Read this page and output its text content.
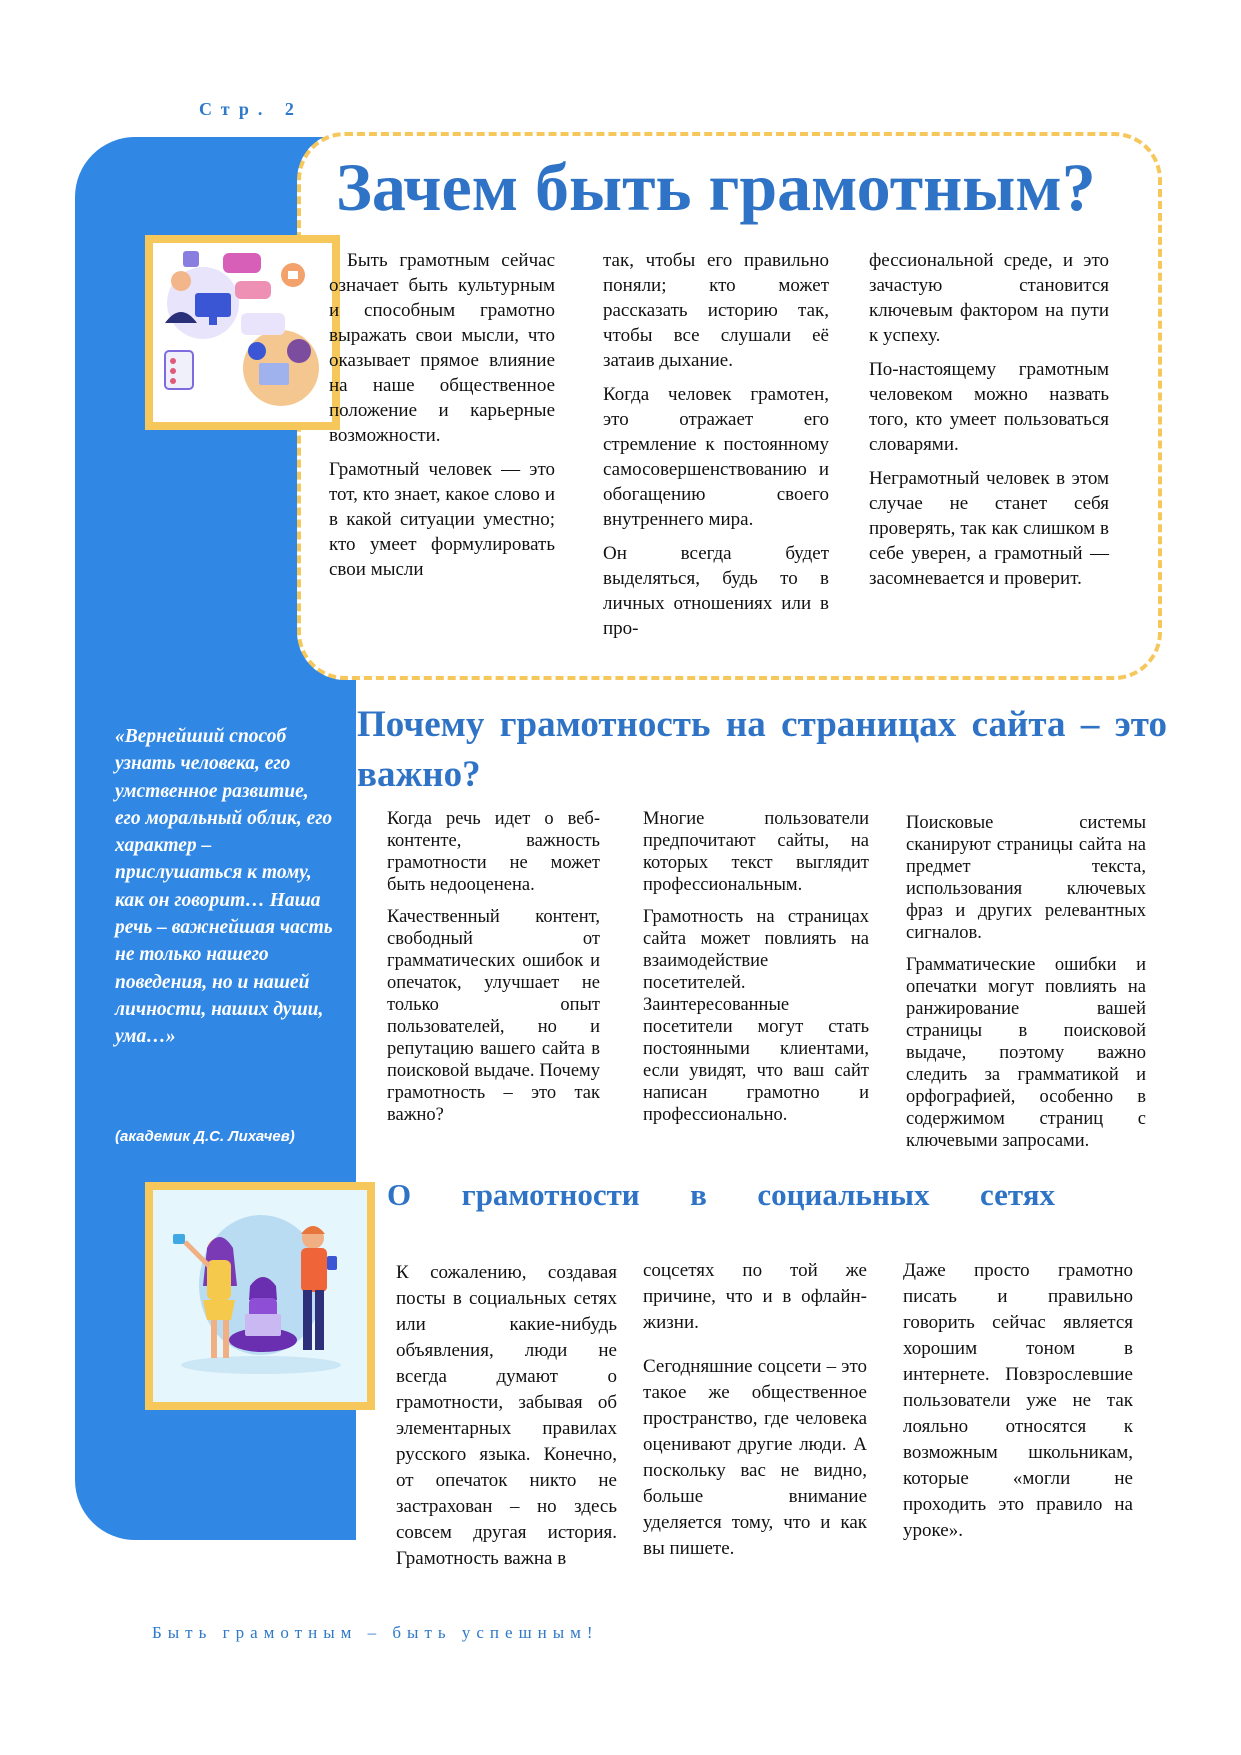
Стр. 2
Зачем быть грамотным?

Быть грамотным сейчас означает быть культурным и способным грамотно выражать свои мысли, что оказывает прямое влияние на наше общественное положение и карьерные возможности.

Грамотный человек — это тот, кто знает, какое слово и в какой ситуации уместно; кто умеет формулировать свои мысли

так, чтобы его правильно поняли; кто может рассказать историю так, чтобы все слушали её затаив дыхание.

Когда человек грамотен, это отражает его стремление к постоянному самосовершенствованию и обогащению своего внутреннего мира.

Он всегда будет выделяться, будь то в личных отношениях или в про-

фессиональной среде, и это зачастую становится ключевым фактором на пути к успеху.

По-настоящему грамотным человеком можно назвать того, кто умеет пользоваться словарями.

Неграмотный человек в этом случае не станет себя проверять, так как слишком в себе уверен, а грамотный — засомневается и проверит.

«Вернейший способ узнать человека, его умственное развитие, его моральный облик, его характер – прислушаться к тому, как он говорит… Наша речь – важнейшая часть не только нашего поведения, но и нашей личности, наших души, ума…»
(академик Д.С. Лихачев)
Почему грамотность на страницах сайта – это важно?

Когда речь идет о веб-контенте, важность грамотности не может быть недооценена.

Качественный контент, свободный от грамматических ошибок и опечаток, улучшает не только опыт пользователей, но и репутацию вашего сайта в поисковой выдаче. Почему грамотность – это так важно?

Многие пользователи предпочитают сайты, на которых текст выглядит профессиональным.

Грамотность на страницах сайта может повлиять на взаимодействие посетителей. Заинтересованные посетители могут стать постоянными клиентами, если увидят, что ваш сайт написан грамотно и профессионально.

Поисковые системы сканируют страницы сайта на предмет текста, использования ключевых фраз и других релевантных сигналов.

Грамматические ошибки и опечатки могут повлиять на ранжирование вашей страницы в поисковой выдаче, поэтому важно следить за грамматикой и орфографией, особенно в содержимом страниц с ключевыми запросами.

О грамотности в социальных сетях

К сожалению, создавая посты в социальных сетях или какие-нибудь объявления, люди не всегда думают о грамотности, забывая об элементарных правилах русского языка. Конечно, от опечаток никто не застрахован – но здесь совсем другая история. Грамотность важна в

соцсетях по той же причине, что и в офлайн-жизни.

Сегодняшние соцсети – это такое же общественное пространство, где человека оценивают другие люди. А поскольку вас не видно, больше внимание уделяется тому, что и как вы пишете.

Даже просто грамотно писать и правильно говорить сейчас является хорошим тоном в интернете. Повзрослевшие пользователи уже не так лояльно относятся к возможным школьникам, которые «могли не проходить это правило на уроке».

Быть грамотным – быть успешным!
